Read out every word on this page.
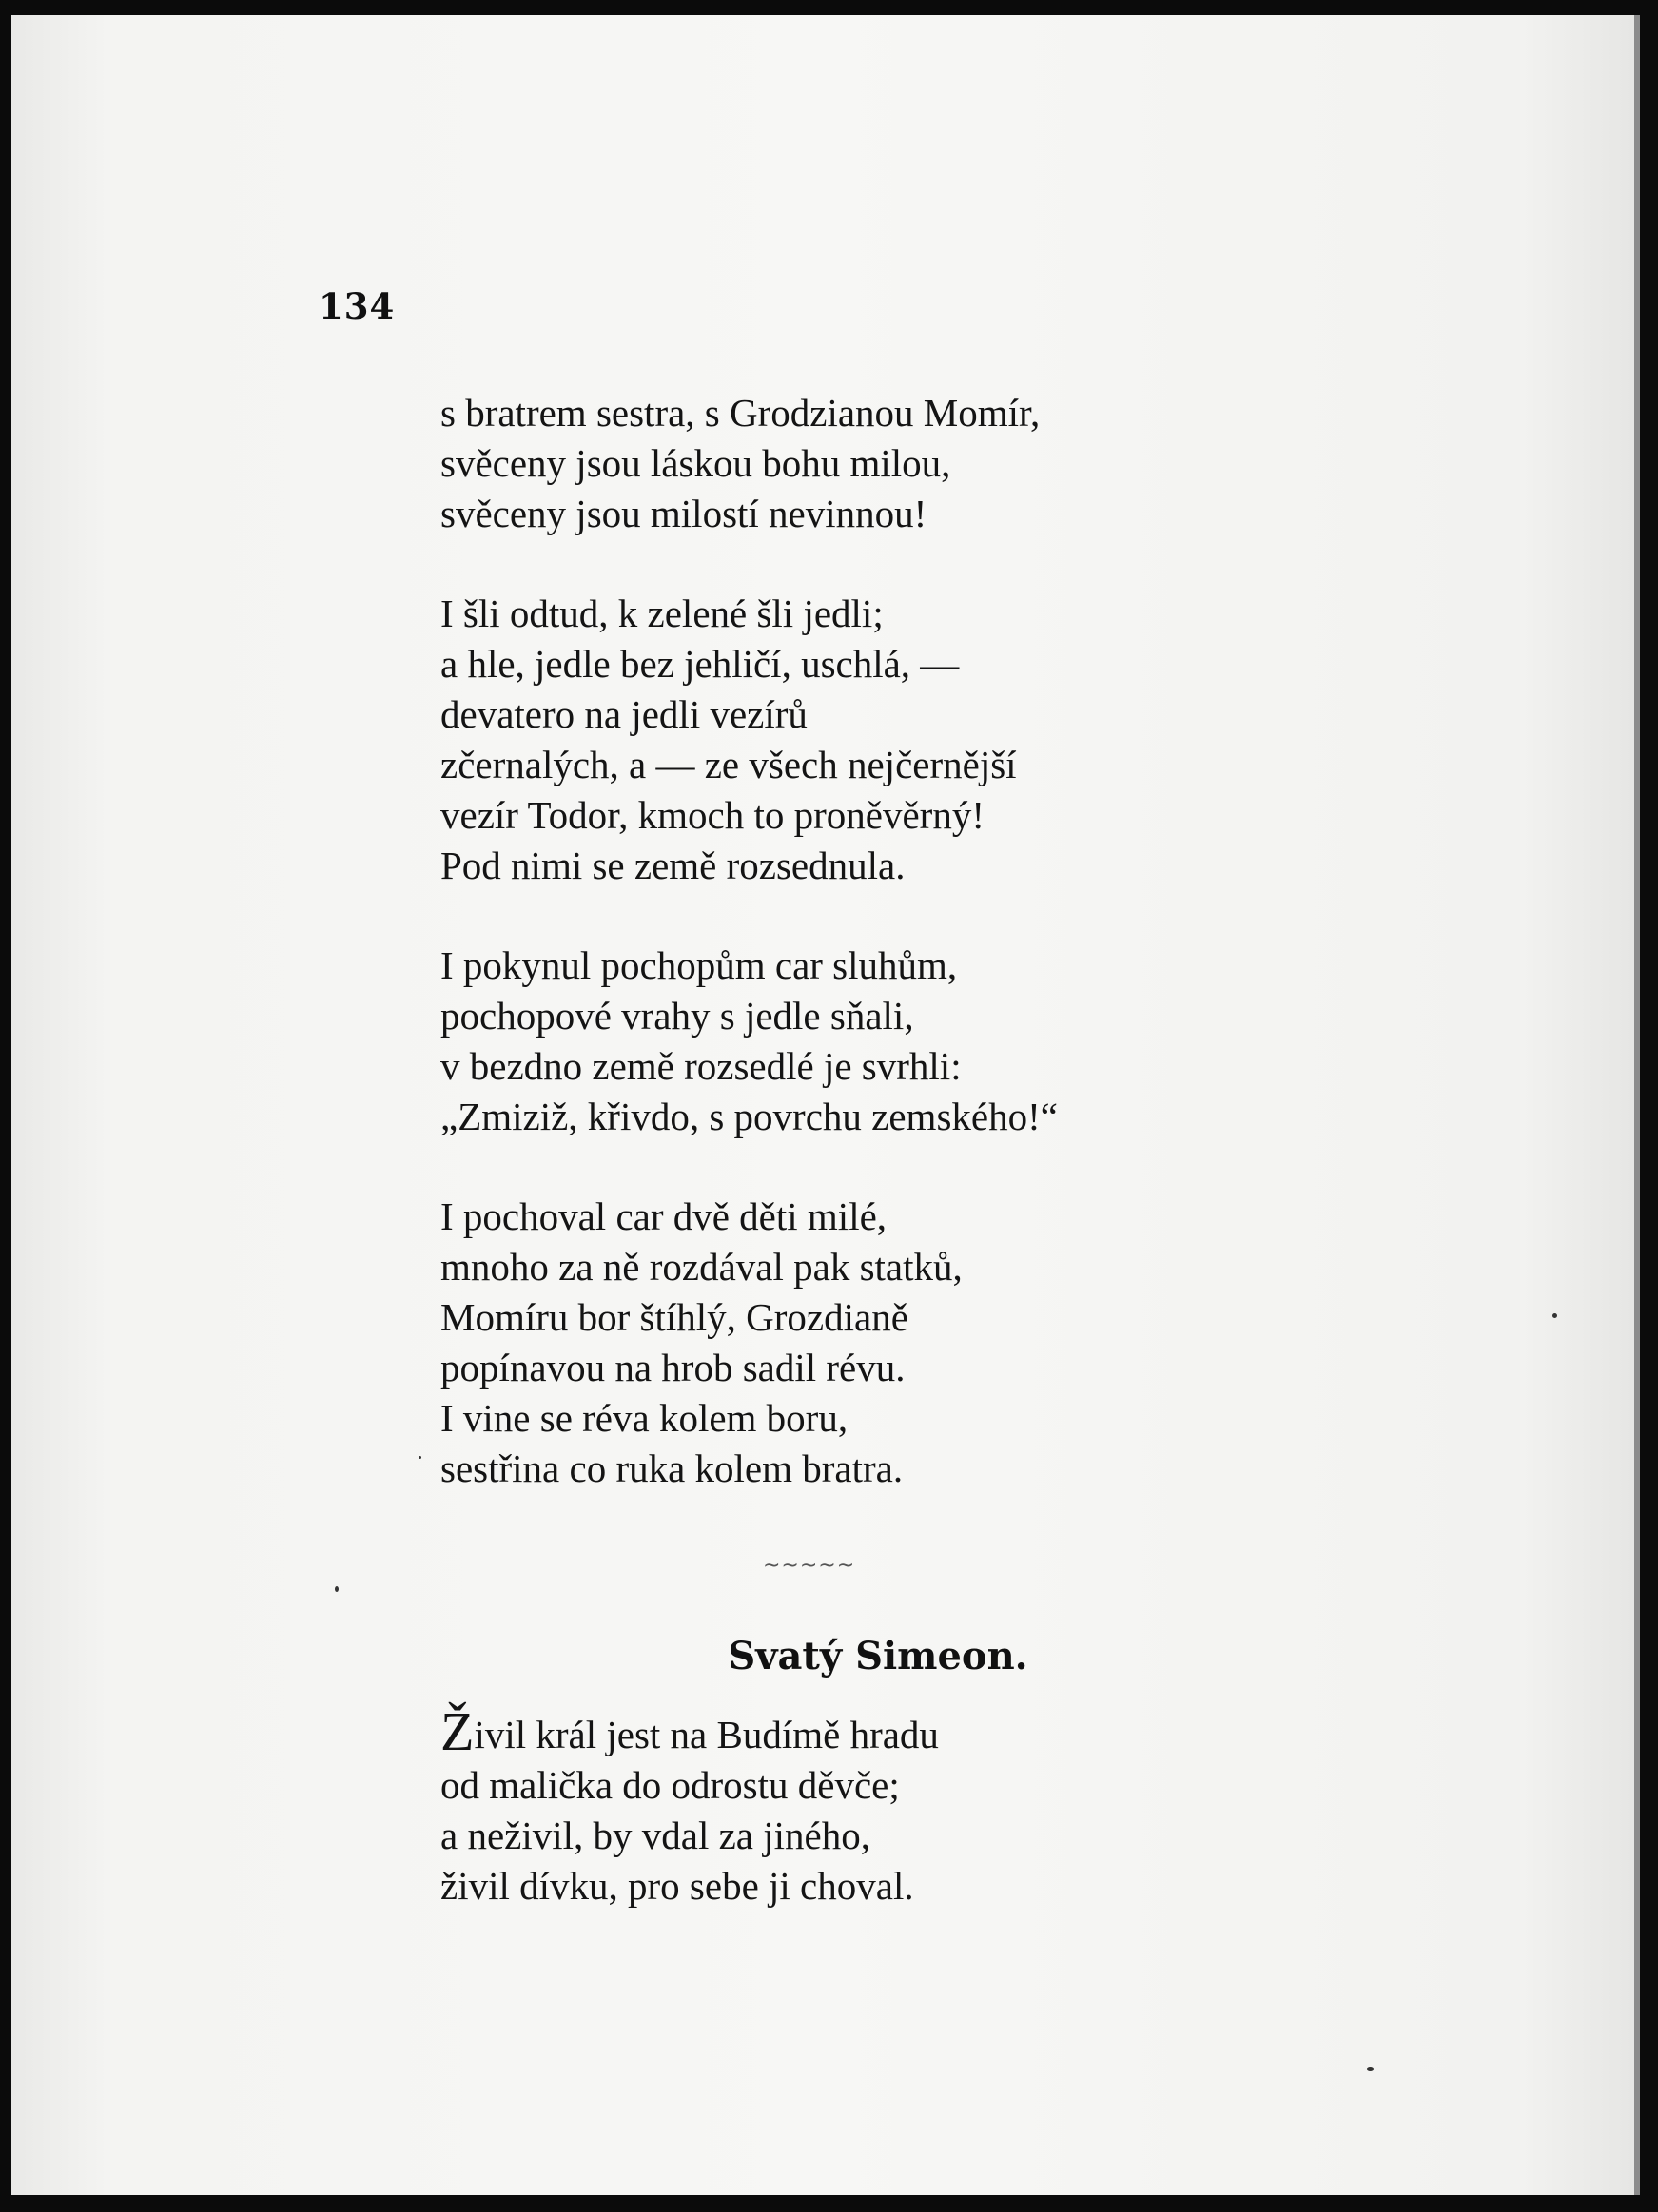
134
s bratrem sestra, s Grodzianou Momír,
svěceny jsou láskou bohu milou,
svěceny jsou milostí nevinnou!
I šli odtud, k zelené šli jedli;
a hle, jedle bez jehličí, uschlá, —
devatero na jedli vezírů
zčernalých, a — ze všech nejčernější
vezír Todor, kmoch to proněvěrný!
Pod nimi se země rozsednula.
I pokynul pochopům car sluhům,
pochopové vrahy s jedle sňali,
v bezdno země rozsedlé je svrhli:
„Zmiziž, křivdo, s povrchu zemského!“
I pochoval car dvě děti milé,
mnoho za ně rozdával pak statků,
Momíru bor štíhlý, Grozdianě
popínavou na hrob sadil révu.
I vine se réva kolem boru,
sestřina co ruka kolem bratra.
~~~~~
Svatý Simeon.
Živil král jest na Budímě hradu
od malička do odrostu děvče;
a neživil, by vdal za jiného,
živil dívku, pro sebe ji choval.
